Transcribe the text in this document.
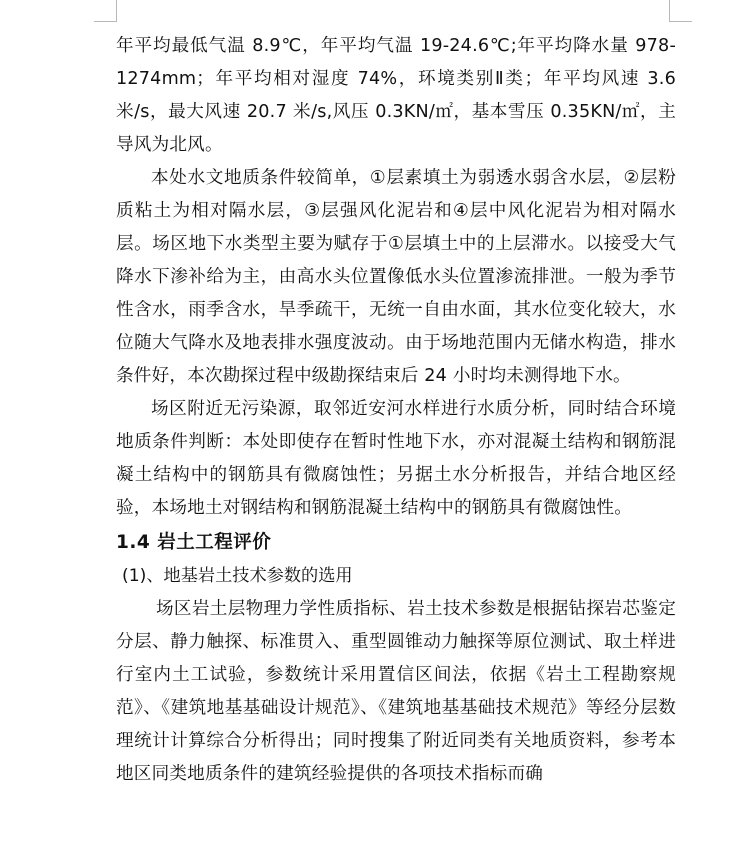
年平均最低气温 8.9℃，年平均气温 19-24.6℃;年平均降水量 978-1274mm；年平均相对湿度 74%，环境类别Ⅱ类；年平均风速 3.6 米/s，最大风速 20.7 米/s,风压 0.3KN/㎡，基本雪压 0.35KN/㎡，主导风为北风。

本处水文地质条件较简单，①层素填土为弱透水弱含水层，②层粉质粘土为相对隔水层，③层强风化泥岩和④层中风化泥岩为相对隔水层。场区地下水类型主要为赋存于①层填土中的上层滞水。以接受大气降水下渗补给为主，由高水头位置像低水头位置渗流排泄。一般为季节性含水，雨季含水，旱季疏干，无统一自由水面，其水位变化较大，水位随大气降水及地表排水强度波动。由于场地范围内无储水构造，排水条件好，本次勘探过程中级勘探结束后 24 小时均未测得地下水。

场区附近无污染源，取邻近安河水样进行水质分析，同时结合环境地质条件判断：本处即使存在暂时性地下水，亦对混凝土结构和钢筋混凝土结构中的钢筋具有微腐蚀性；另据土水分析报告，并结合地区经验，本场地土对钢结构和钢筋混凝土结构中的钢筋具有微腐蚀性。

1.4 岩土工程评价

(1)、地基岩土技术参数的选用

场区岩土层物理力学性质指标、岩土技术参数是根据钻探岩芯鉴定分层、静力触探、标准贯入、重型圆锥动力触探等原位测试、取土样进行室内土工试验，参数统计采用置信区间法，依据《岩土工程勘察规范》、《建筑地基基础设计规范》、《建筑地基基础技术规范》等经分层数理统计计算综合分析得出；同时搜集了附近同类有关地质资料，参考本地区同类地质条件的建筑经验提供的各项技术指标而确
